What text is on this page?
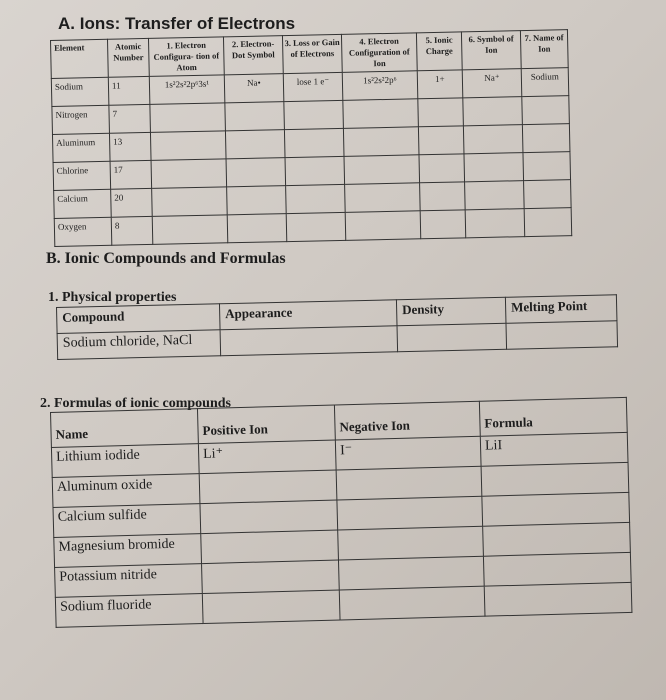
A. Ions: Transfer of Electrons
Element	Atomic Number	1. Electron Configura- tion of Atom	2. Electron- Dot Symbol	3. Loss or Gain of Electrons	4. Electron Configuration of Ion	5. Ionic Charge	6. Symbol of Ion	7. Name of Ion
Sodium	11	1s²2s²2p⁶3s¹	Na•	lose 1 e⁻	1s²2s²2p⁶	1+	Na⁺	Sodium
Nitrogen	7							
Aluminum	13							
Chlorine	17							
Calcium	20							
Oxygen	8							
B. Ionic Compounds and Formulas
1. Physical properties
Compound	Appearance	Density	Melting Point
Sodium chloride, NaCl			
2. Formulas of ionic compounds
Name	Positive Ion	Negative Ion	Formula
Lithium iodide	Li⁺	I⁻	LiI
Aluminum oxide			
Calcium sulfide			
Magnesium bromide			
Potassium nitride			
Sodium fluoride			
